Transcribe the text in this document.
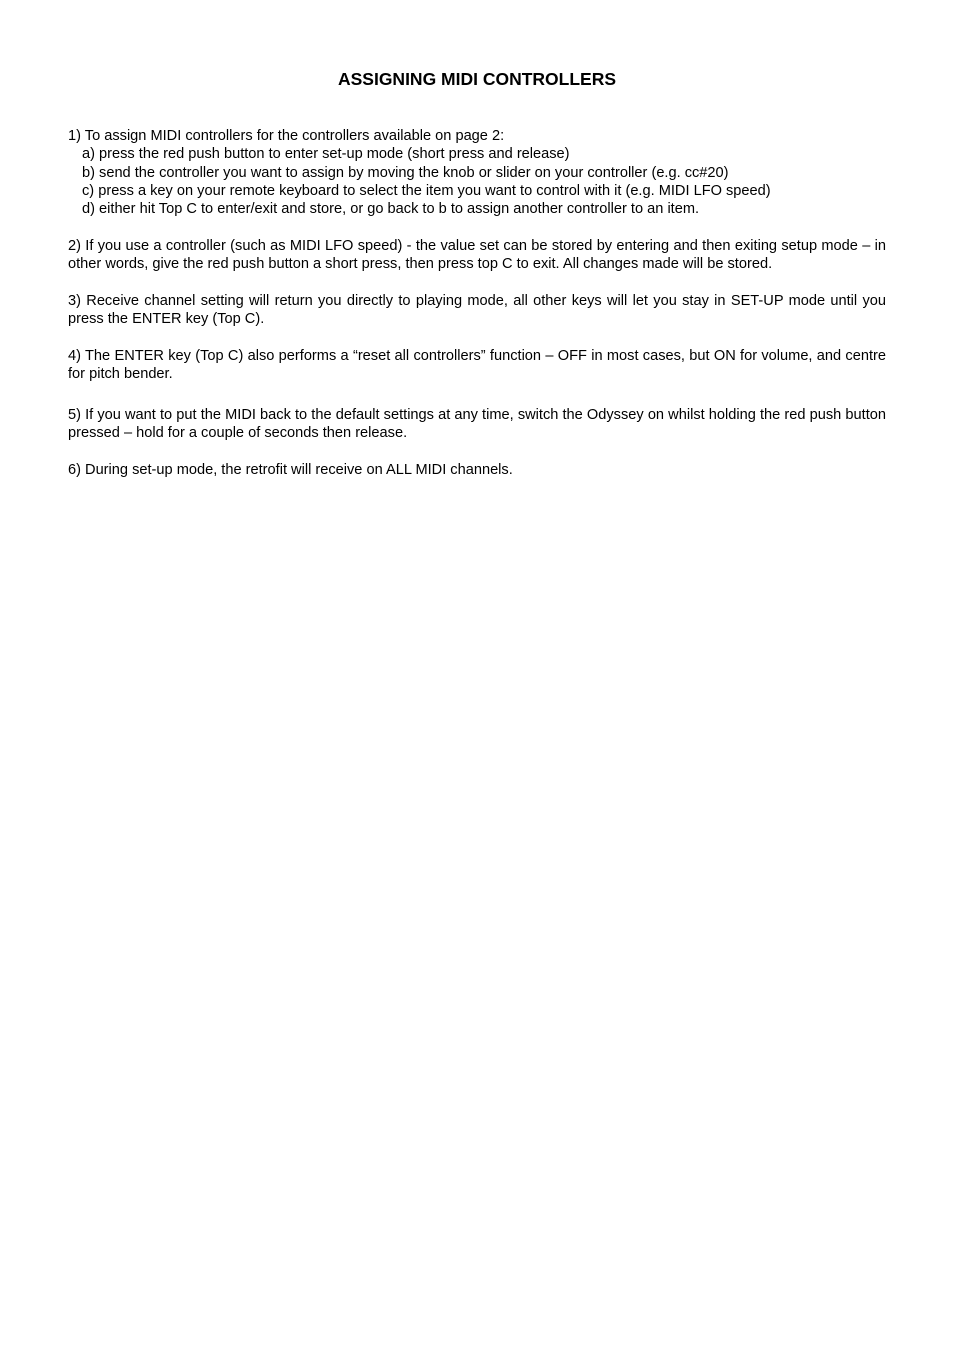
ASSIGNING MIDI CONTROLLERS
1) To assign MIDI controllers for the controllers available on page 2:
a) press the red push button to enter set-up mode (short press and release)
b) send the controller you want to assign by moving the knob or slider on your controller (e.g. cc#20)
c) press a key on your remote keyboard to select the item you want to control with it (e.g. MIDI LFO speed)
d) either hit Top C to enter/exit and store, or go back to b to assign another controller to an item.

2) If you use a controller (such as MIDI LFO speed) - the value set can be stored by entering and then exiting setup mode – in other words, give the red push button a short press, then press top C to exit. All changes made will be stored.

3) Receive channel setting will return you directly to playing mode, all other keys will let you stay in SET-UP mode until you press the ENTER key (Top C).

4) The ENTER key (Top C) also performs a “reset all controllers” function – OFF in most cases, but ON for volume, and centre for pitch bender.

5) If you want to put the MIDI back to the default settings at any time, switch the Odyssey on whilst holding the red push button pressed – hold for a couple of seconds then release.

6) During set-up mode, the retrofit will receive on ALL MIDI channels.
